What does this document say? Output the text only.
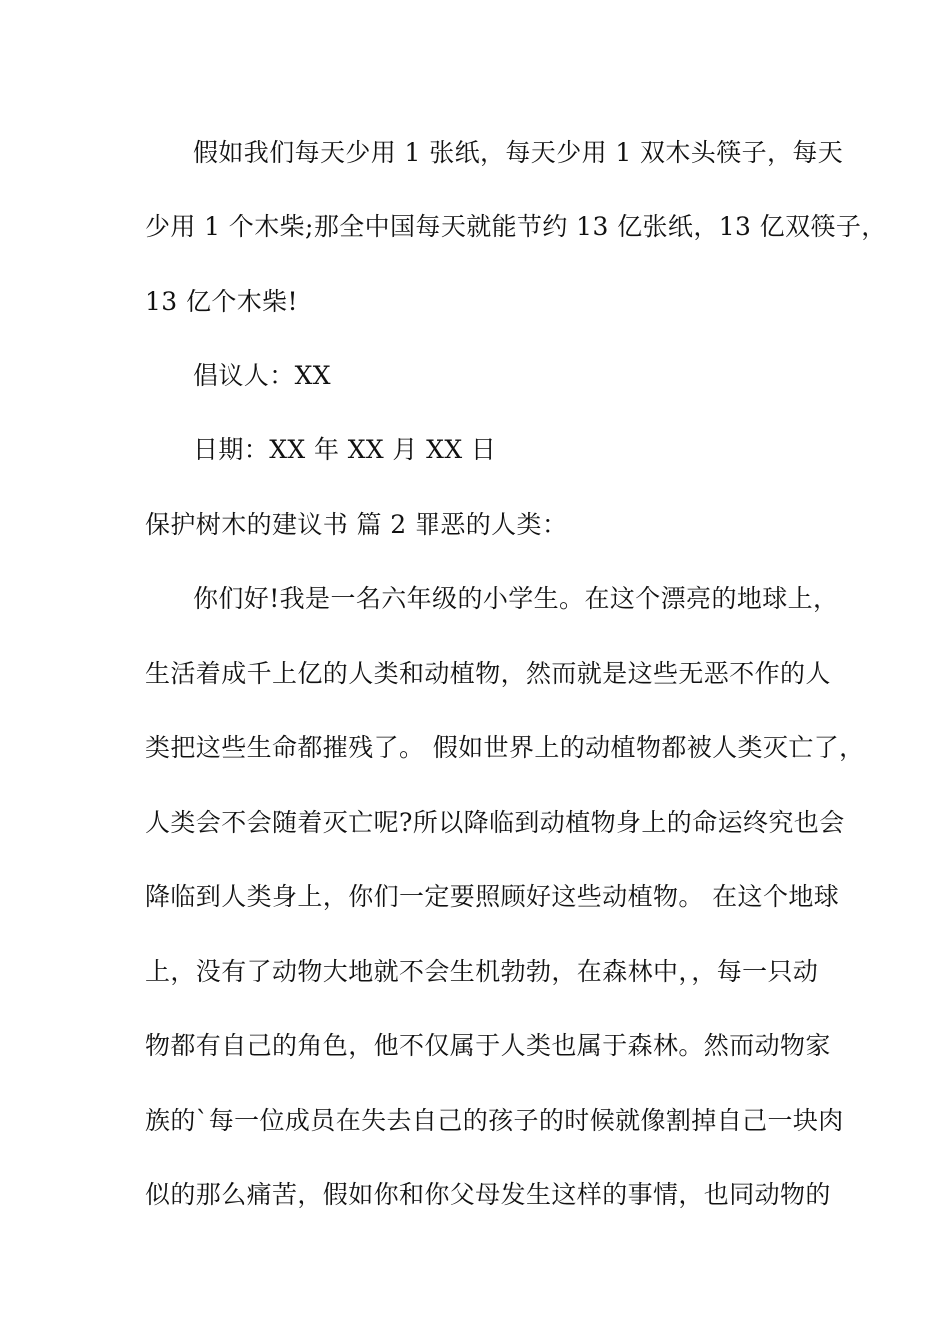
假如我们每天少用 1 张纸，每天少用 1 双木头筷子，每天
少用 1 个木柴;那全中国每天就能节约 13 亿张纸，13 亿双筷子，
13 亿个木柴!
倡议人：XX
日期：XX 年 XX 月 XX 日
保护树木的建议书 篇 2 罪恶的人类：
你们好!我是一名六年级的小学生。在这个漂亮的地球上，
生活着成千上亿的人类和动植物，然而就是这些无恶不作的人
类把这些生命都摧残了。 假如世界上的动植物都被人类灭亡了，
人类会不会随着灭亡呢?所以降临到动植物身上的命运终究也会
降临到人类身上，你们一定要照顾好这些动植物。 在这个地球
上，没有了动物大地就不会生机勃勃，在森林中，，每一只动
物都有自己的角色，他不仅属于人类也属于森林。然而动物家
族的`每一位成员在失去自己的孩子的时候就像割掉自己一块肉
似的那么痛苦，假如你和你父母发生这样的事情，也同动物的
